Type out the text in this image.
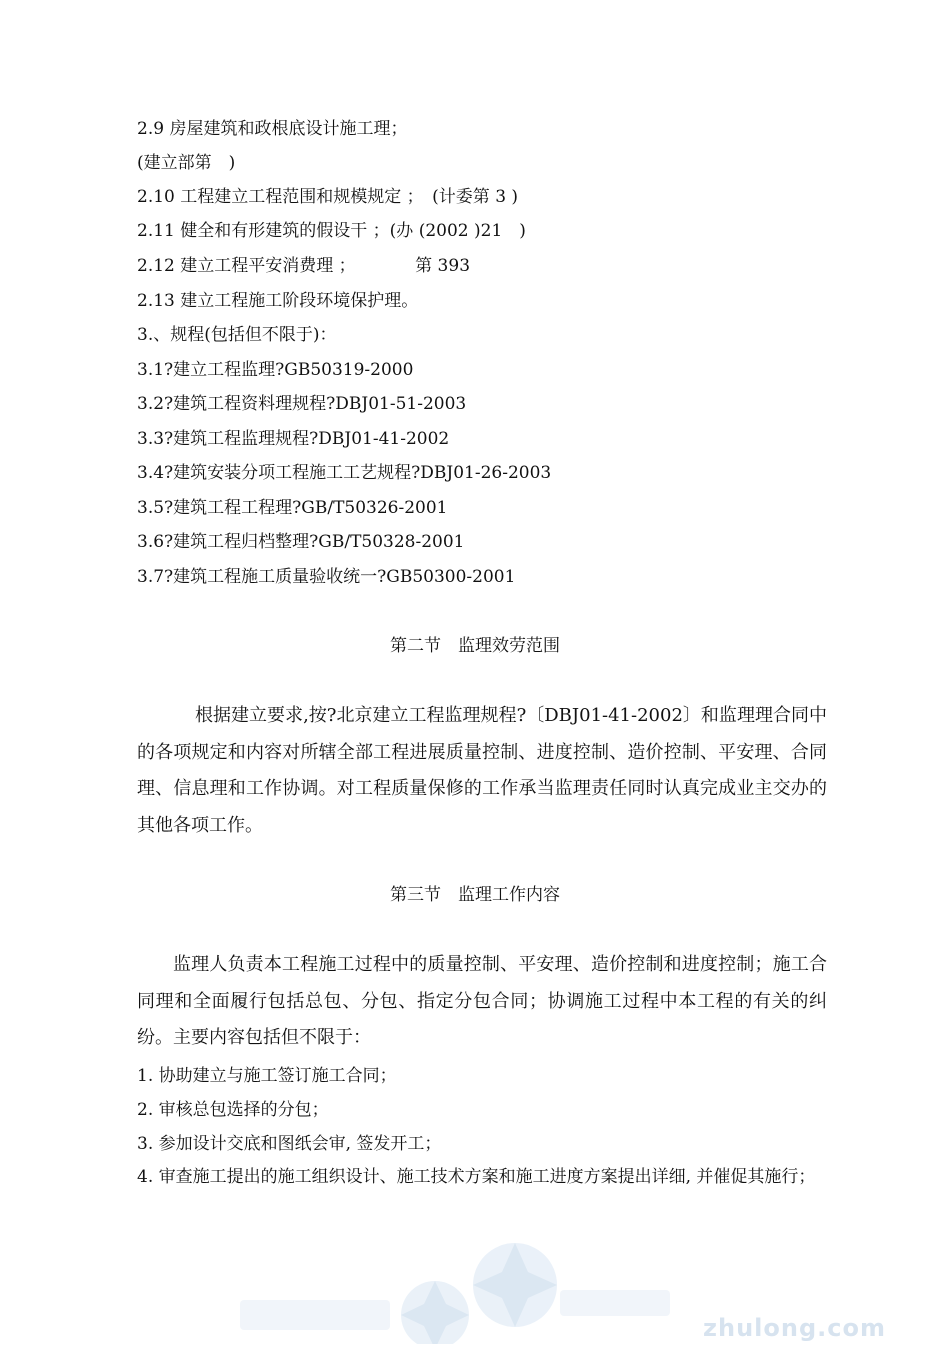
2.9 房屋建筑和政根底设计施工理；
(建立部第　)
2.10 工程建立工程范围和规模规定 ；　(计委第 3 )
2.11 健全和有形建筑的假设干 ；(办 (2002 )21　)
2.12 建立工程平安消费理 ；　　　　第 393
2.13 建立工程施工阶段环境保护理。
3.、规程(包括但不限于)：
3.1?建立工程监理?GB50319-2000
3.2?建筑工程资料理规程?DBJ01-51-2003
3.3?建筑工程监理规程?DBJ01-41-2002
3.4?建筑安装分项工程施工工艺规程?DBJ01-26-2003
3.5?建筑工程工程理?GB/T50326-2001
3.6?建筑工程归档整理?GB/T50328-2001
3.7?建筑工程施工质量验收统一?GB50300-2001
第二节　监理效劳范围
根据建立要求,按?北京建立工程监理规程?〔DBJ01-41-2002〕和监理理合同中的各项规定和内容对所辖全部工程进展质量控制、进度控制、造价控制、平安理、合同理、信息理和工作协调。对工程质量保修的工作承当监理责任同时认真完成业主交办的其他各项工作。
第三节　监理工作内容
监理人负责本工程施工过程中的质量控制、平安理、造价控制和进度控制；施工合同理和全面履行包括总包、分包、指定分包合同；协调施工过程中本工程的有关的纠纷。主要内容包括但不限于：
1. 协助建立与施工签订施工合同；
2. 审核总包选择的分包；
3. 参加设计交底和图纸会审, 签发开工；
4. 审查施工提出的施工组织设计、施工技术方案和施工进度方案提出详细, 并催促其施行；
zhulong.com
